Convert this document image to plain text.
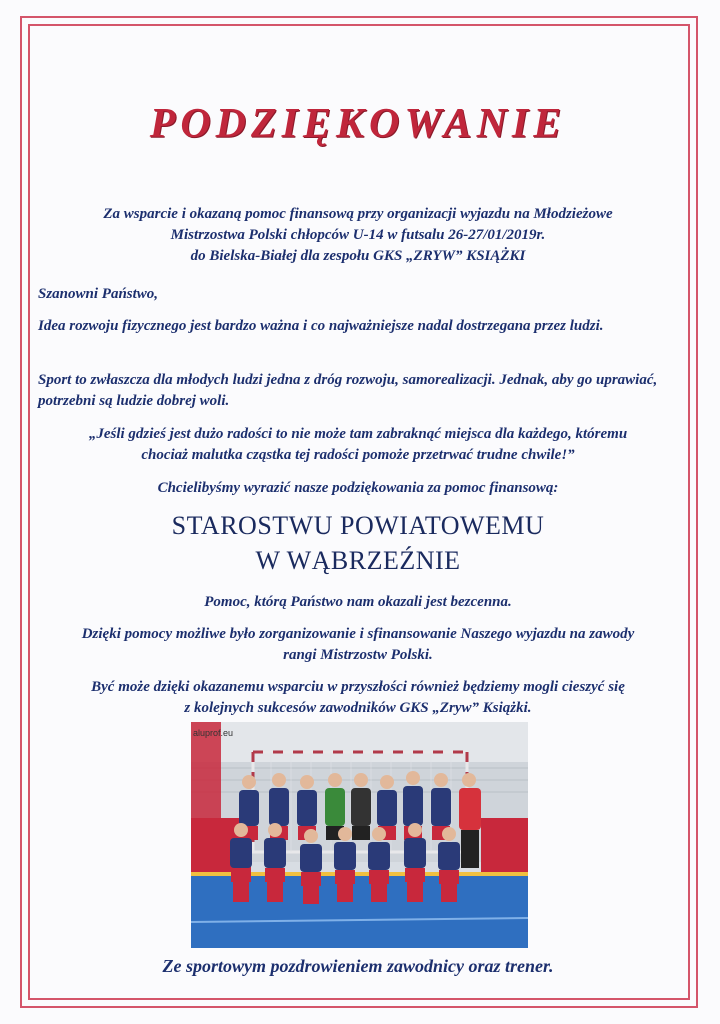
PODZIĘKOWANIE
Za wsparcie i okazaną pomoc finansową przy organizacji wyjazdu na Młodzieżowe
Mistrzostwa Polski chłopców U-14 w futsalu 26-27/01/2019r.
do Bielska-Białej dla zespołu GKS „ZRYW” KSIĄŻKI
Szanowni Państwo,
Idea rozwoju fizycznego jest bardzo ważna i co najważniejsze nadal dostrzegana przez ludzi.
Sport to zwłaszcza dla młodych ludzi jedna z dróg rozwoju, samorealizacji. Jednak, aby go uprawiać, potrzebni są ludzie dobrej woli.
„Jeśli gdzieś jest dużo radości to nie może tam zabraknąć miejsca dla każdego, któremu
chociaż malutka cząstka tej radości pomoże przetrwać trudne chwile!”
Chcielibyśmy wyrazić nasze podziękowania za pomoc finansową:
STAROSTWU POWIATOWEMU
W WĄBRZEŹNIE
Pomoc, którą Państwo nam okazali jest bezcenna.
Dzięki pomocy możliwe było zorganizowanie i sfinansowanie Naszego wyjazdu na zawody
rangi Mistrzostw Polski.
Być może dzięki okazanemu wsparciu w przyszłości również będziemy mogli cieszyć się
z kolejnych sukcesów zawodników GKS „Zryw” Książki.
Ze sportowym pozdrowieniem zawodnicy oraz trener.
aluprof.eu
